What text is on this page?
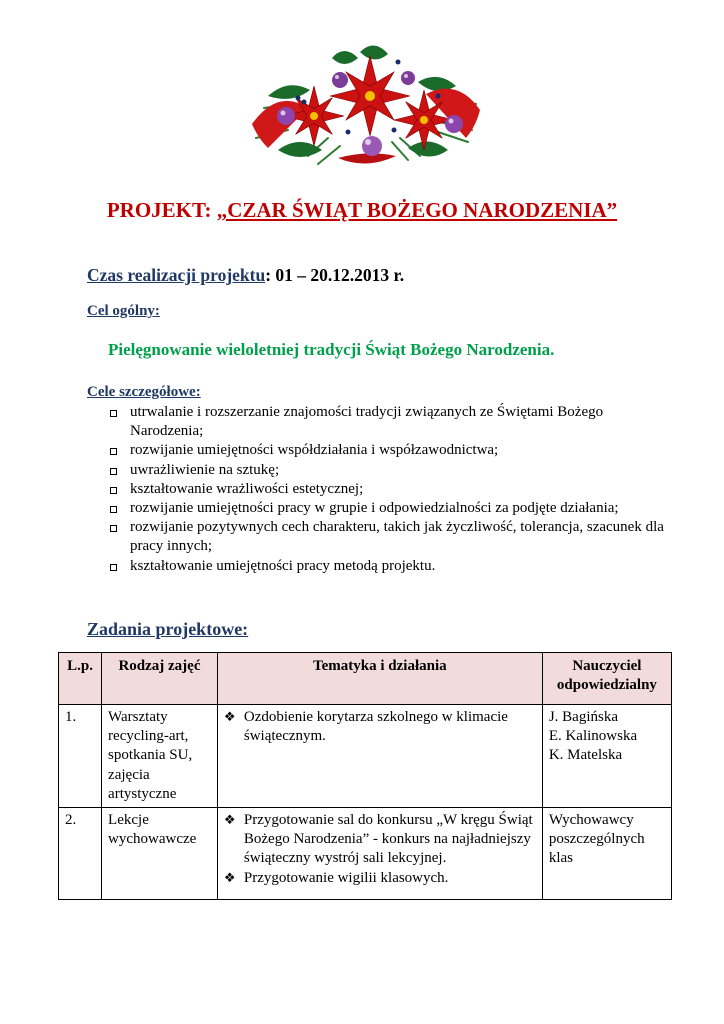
PROJEKT: „CZAR ŚWIĄT BOŻEGO NARODZENIA”
Czas realizacji projektu: 01 – 20.12.2013 r.
Cel ogólny:
Pielęgnowanie wieloletniej tradycji Świąt Bożego Narodzenia.
Cele szczegółowe:
utrwalanie i rozszerzanie znajomości tradycji związanych ze Świętami Bożego Narodzenia;
rozwijanie umiejętności współdziałania i współzawodnictwa;
uwrażliwienie na sztukę;
kształtowanie wrażliwości estetycznej;
rozwijanie umiejętności pracy w grupie i odpowiedzialności za podjęte działania;
rozwijanie pozytywnych cech charakteru, takich jak życzliwość, tolerancja, szacunek dla pracy innych;
kształtowanie umiejętności pracy metodą projektu.
Zadania projektowe:
L.p.	Rodzaj zajęć	Tematyka i działania	Nauczyciel odpowiedzialny
1.	Warsztaty recycling-art, spotkania SU, zajęcia artystyczne	❖ Ozdobienie korytarza szkolnego w klimacie świątecznym.	J. Bagińska
E. Kalinowska
K. Matelska

2.	Lekcje wychowawcze	❖ Przygotowanie sal do konkursu „W kręgu Świąt Bożego Narodzenia” - konkurs na najładniejszy świąteczny wystrój sali lekcyjnej.
❖ Przygotowanie wigilii klasowych.	Wychowawcy poszczególnych klas
